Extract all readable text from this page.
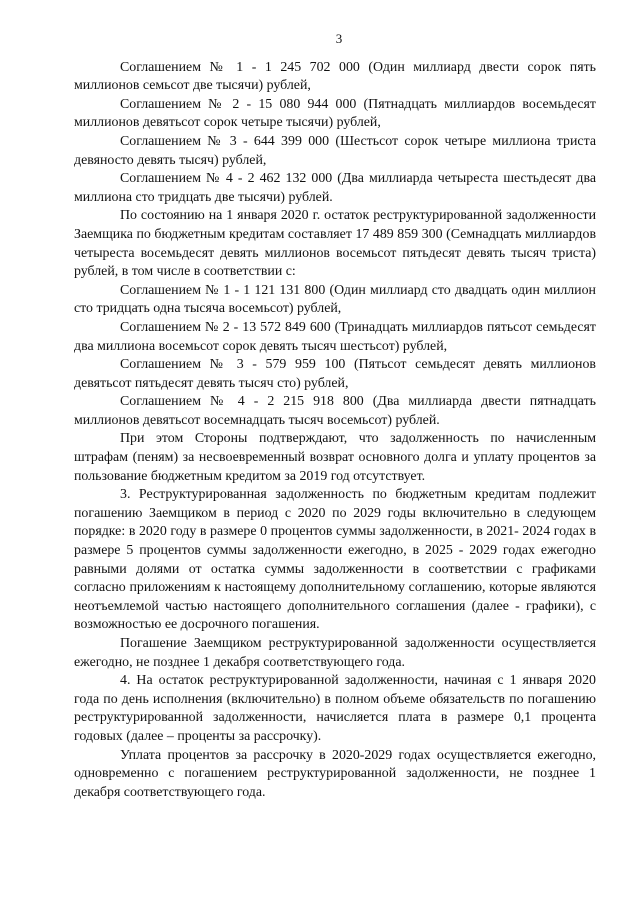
3

Соглашением № 1 - 1 245 702 000 (Один миллиард двести сорок пять миллионов семьсот две тысячи) рублей,

Соглашением № 2 - 15 080 944 000 (Пятнадцать миллиардов восемьдесят миллионов девятьсот сорок четыре тысячи) рублей,

Соглашением № 3 - 644 399 000 (Шестьсот сорок четыре миллиона триста девяносто девять тысяч) рублей,

Соглашением № 4 - 2 462 132 000 (Два миллиарда четыреста шестьдесят два миллиона сто тридцать две тысячи) рублей.

По состоянию на 1 января 2020 г. остаток реструктурированной задолженности Заемщика по бюджетным кредитам составляет 17 489 859 300 (Семнадцать миллиардов четыреста восемьдесят девять миллионов восемьсот пятьдесят девять тысяч триста) рублей, в том числе в соответствии с:

Соглашением № 1 - 1 121 131 800 (Один миллиард сто двадцать один миллион сто тридцать одна тысяча восемьсот) рублей,

Соглашением № 2 - 13 572 849 600 (Тринадцать миллиардов пятьсот семьдесят два миллиона восемьсот сорок девять тысяч шестьсот) рублей,

Соглашением № 3 - 579 959 100 (Пятьсот семьдесят девять миллионов девятьсот пятьдесят девять тысяч сто) рублей,

Соглашением № 4 - 2 215 918 800 (Два миллиарда двести пятнадцать миллионов девятьсот восемнадцать тысяч восемьсот) рублей.

При этом Стороны подтверждают, что задолженность по начисленным штрафам (пеням) за несвоевременный возврат основного долга и уплату процентов за пользование бюджетным кредитом за 2019 год отсутствует.

3. Реструктурированная задолженность по бюджетным кредитам подлежит погашению Заемщиком в период с 2020 по 2029 годы включительно в следующем порядке: в 2020 году в размере 0 процентов суммы задолженности, в 2021- 2024 годах в размере 5 процентов суммы задолженности ежегодно, в 2025 - 2029 годах ежегодно равными долями от остатка суммы задолженности в соответствии с графиками согласно приложениям к настоящему дополнительному соглашению, которые являются неотъемлемой частью настоящего дополнительного соглашения (далее - графики), с возможностью ее досрочного погашения.

Погашение Заемщиком реструктурированной задолженности осуществляется ежегодно, не позднее 1 декабря соответствующего года.

4. На остаток реструктурированной задолженности, начиная с 1 января 2020 года по день исполнения (включительно) в полном объеме обязательств по погашению реструктурированной задолженности, начисляется плата в размере 0,1 процента годовых (далее – проценты за рассрочку).

Уплата процентов за рассрочку в 2020-2029 годах осуществляется ежегодно, одновременно с погашением реструктурированной задолженности, не позднее 1 декабря соответствующего года.
